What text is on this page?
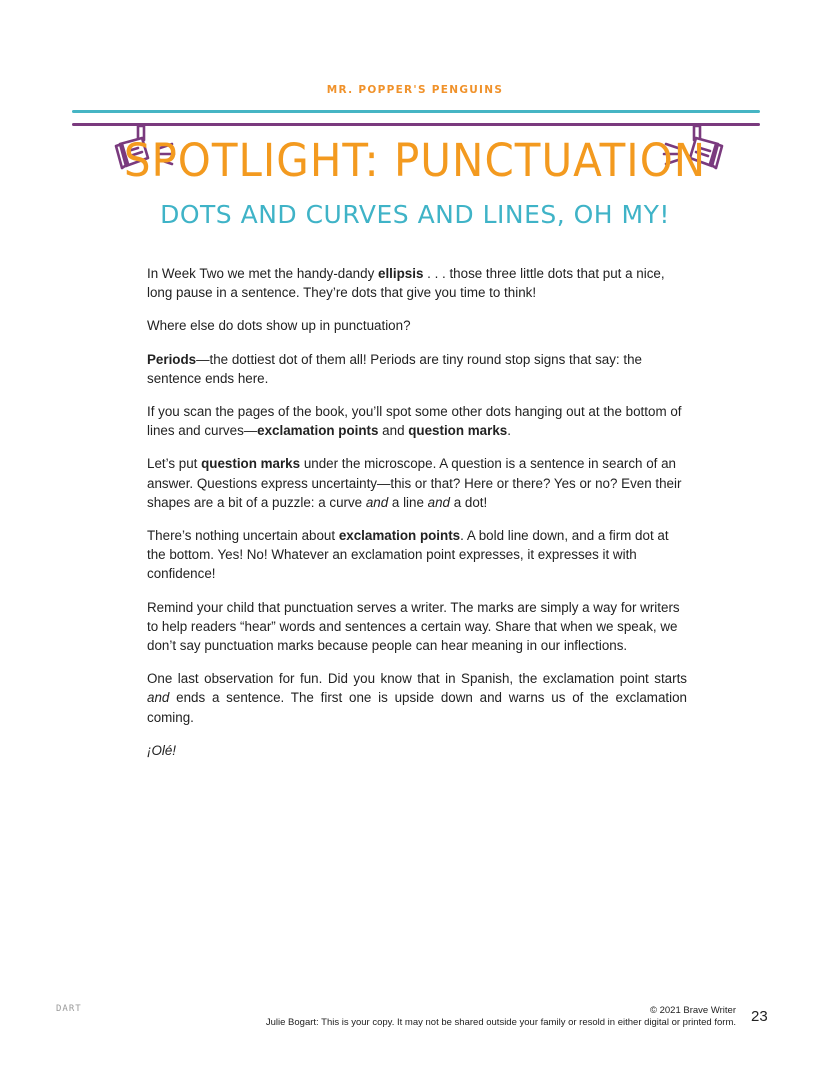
MR. POPPER'S PENGUINS
SPOTLIGHT: PUNCTUATION
DOTS AND CURVES AND LINES, OH MY!

In Week Two we met the handy-dandy ellipsis . . . those three little dots that put a nice, long pause in a sentence. They’re dots that give you time to think!

Where else do dots show up in punctuation?

Periods—the dottiest dot of them all! Periods are tiny round stop signs that say: the sentence ends here.

If you scan the pages of the book, you’ll spot some other dots hanging out at the bottom of lines and curves—exclamation points and question marks.

Let’s put question marks under the microscope. A question is a sentence in search of an answer. Questions express uncertainty—this or that? Here or there? Yes or no? Even their shapes are a bit of a puzzle: a curve and a line and a dot!

There’s nothing uncertain about exclamation points. A bold line down, and a firm dot at the bottom. Yes! No! Whatever an exclamation point expresses, it expresses it with confidence!

Remind your child that punctuation serves a writer. The marks are simply a way for writers to help readers “hear” words and sentences a certain way. Share that when we speak, we don’t say punctuation marks because people can hear meaning in our inflections.

One last observation for fun. Did you know that in Spanish, the exclamation point starts and ends a sentence. The first one is upside down and warns us of the exclamation coming.

¡Olé!

DART	© 2021 Brave Writer
Julie Bogart: This is your copy. It may not be shared outside your family or resold in either digital or printed form. 23
